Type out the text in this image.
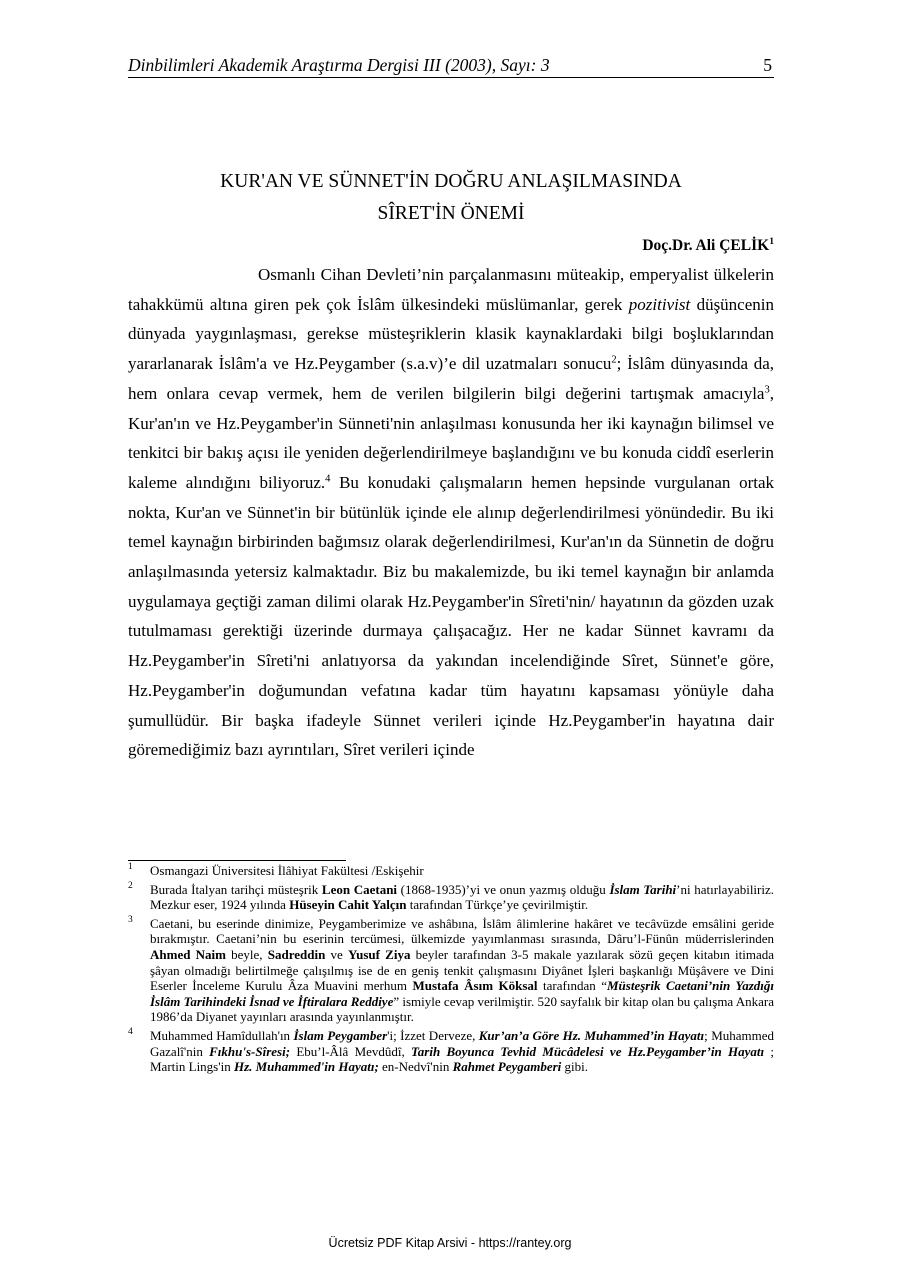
Dinbilimleri Akademik Araştırma Dergisi III (2003), Sayı: 3	5
KUR'AN VE SÜNNET'İN DOĞRU ANLAŞILMASINDA
SÎRET'İN ÖNEMİ
Doç.Dr. Ali ÇELİK$^1$

Osmanlı Cihan Devleti’nin parçalanmasını müteakip, emperyalist ülkelerin tahakkümü altına giren pek çok İslâm ülkesindeki müslümanlar, gerek pozitivist düşüncenin dünyada yaygınlaşması, gerekse müsteşriklerin klasik kaynaklardaki bilgi boşluklarından yararlanarak İslâm'a ve Hz.Peygamber (s.a.v)’e dil uzatmaları sonucu$^2$; İslâm dünyasında da, hem onlara cevap vermek, hem de verilen bilgilerin bilgi değerini tartışmak amacıyla$^3$, Kur'an'ın ve Hz.Peygamber'in Sünneti'nin anlaşılması konusunda her iki kaynağın bilimsel ve tenkitci bir bakış açısı ile yeniden değerlendirilmeye başlandığını ve bu konuda ciddî eserlerin kaleme alındığını biliyoruz.$^4$ Bu konudaki çalışmaların hemen hepsinde vurgulanan ortak nokta, Kur'an ve Sünnet'in bir bütünlük içinde ele alınıp değerlendirilmesi yönündedir. Bu iki temel kaynağın birbirinden bağımsız olarak değerlendirilmesi, Kur'an'ın da Sünnetin de doğru anlaşılmasında yetersiz kalmaktadır. Biz bu makalemizde, bu iki temel kaynağın bir anlamda uygulamaya geçtiği zaman dilimi olarak Hz.Peygamber'in Sîreti'nin/ hayatının da gözden uzak tutulmaması gerektiği üzerinde durmaya çalışacağız. Her ne kadar Sünnet kavramı da Hz.Peygamber'in Sîreti'ni anlatıyorsa da yakından incelendiğinde Sîret, Sünnet'e göre, Hz.Peygamber'in doğumundan vefatına kadar tüm hayatını kapsaması yönüyle daha şumullüdür. Bir başka ifadeyle Sünnet verileri içinde Hz.Peygamber'in hayatına dair göremediğimiz bazı ayrıntıları, Sîret verileri içinde

1 Osmangazi Üniversitesi İlâhiyat Fakültesi /Eskişehir
2 Burada İtalyan tarihçi müsteşrik Leon Caetani (1868-1935)’yi ve onun yazmış olduğu İslam Tarihi’ni hatırlayabiliriz. Mezkur eser, 1924 yılında Hüseyin Cahit Yalçın tarafından Türkçe’ye çevirilmiştir.
3 Caetani, bu eserinde dinimize, Peygamberimize ve ashâbına, İslâm âlimlerine hakâret ve tecâvüzde emsâlini geride bırakmıştır. Caetani’nin bu eserinin tercümesi, ülkemizde yayımlanması sırasında, Dâru’l-Fünûn müderrislerinden Ahmed Naim beyle, Sadreddin ve Yusuf Ziya beyler tarafından 3-5 makale yazılarak sözü geçen kitabın itimada şâyan olmadığı belirtilmeğe çalışılmış ise de en geniş tenkit çalışmasını Diyânet İşleri başkanlığı Müşâvere ve Dini Eserler İnceleme Kurulu Âza Muavini merhum Mustafa Âsım Köksal tarafından “Müsteşrik Caetani’nin Yazdığı İslâm Tarihindeki İsnad ve İftiralara Reddiye” ismiyle cevap verilmiştir. 520 sayfalık bir kitap olan bu çalışma Ankara 1986’da Diyanet yayınları arasında yayınlanmıştır.
4 Muhammed Hamîdullah'ın İslam Peygamber'i; İzzet Derveze, Kur’an’a Göre Hz. Muhammed’in Hayatı; Muhammed Gazalî'nin Fıkhu's-Sîresi; Ebu’l-Âlâ Mevdûdî, Tarih Boyunca Tevhid Mücâdelesi ve Hz.Peygamber’in Hayatı ; Martin Lings'in Hz. Muhammed'in Hayatı; en-Nedvî'nin Rahmet Peygamberi gibi.
Ücretsiz PDF Kitap Arsivi - https://rantey.org
